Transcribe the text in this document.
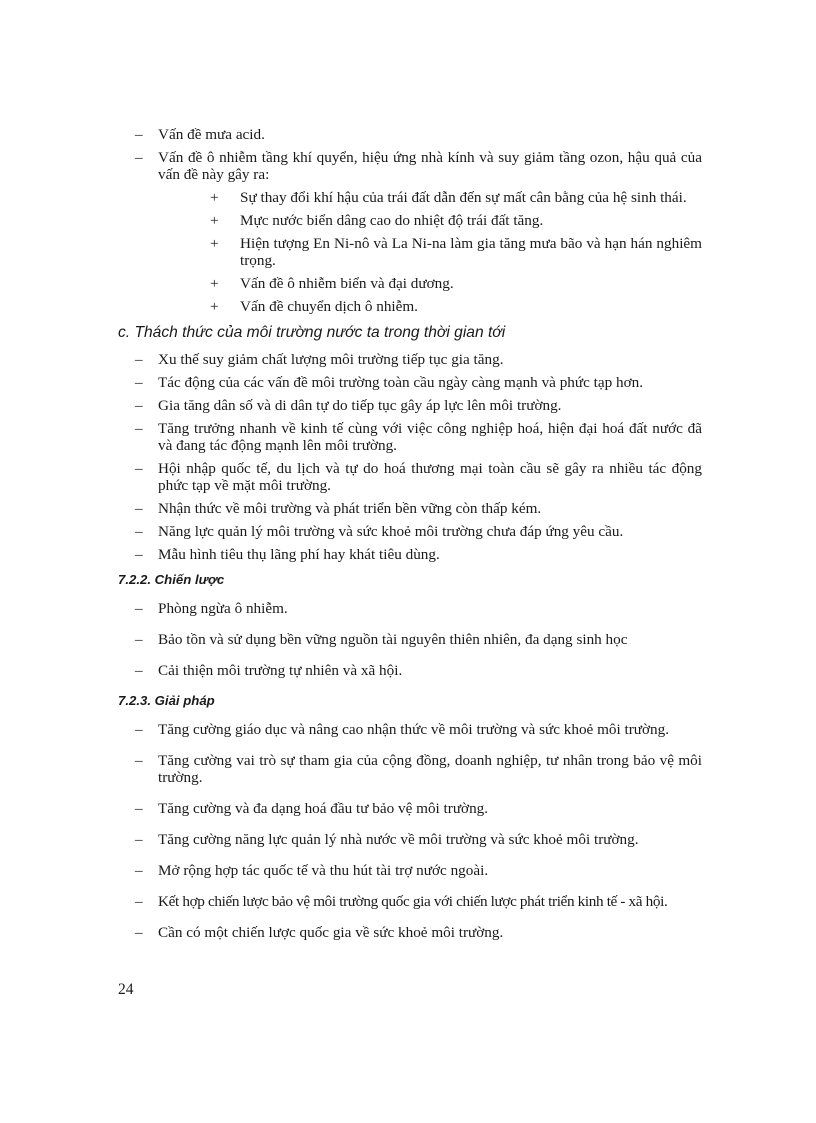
– Vấn đề mưa acid.
– Vấn đề ô nhiễm tầng khí quyển, hiệu ứng nhà kính và suy giảm tầng ozon, hậu quả của vấn đề này gây ra:
+ Sự thay đổi khí hậu của trái đất dẫn đến sự mất cân bằng của hệ sinh thái.
+ Mực nước biển dâng cao do nhiệt độ trái đất tăng.
+ Hiện tượng En Ni-nô và La Ni-na làm gia tăng mưa bão và hạn hán nghiêm trọng.
+ Vấn đề ô nhiễm biển và đại dương.
+ Vấn đề chuyển dịch ô nhiễm.
c. Thách thức của môi trường nước ta trong thời gian tới
– Xu thế suy giảm chất lượng môi trường tiếp tục gia tăng.
– Tác động của các vấn đề môi trường toàn cầu ngày càng mạnh và phức tạp hơn.
– Gia tăng dân số và di dân tự do tiếp tục gây áp lực lên môi trường.
– Tăng trưởng nhanh về kinh tế cùng với việc công nghiệp hoá, hiện đại hoá đất nước đã và đang tác động mạnh lên môi trường.
– Hội nhập quốc tế, du lịch và tự do hoá thương mại toàn cầu sẽ gây ra nhiều tác động phức tạp về mặt môi trường.
– Nhận thức về môi trường và phát triển bền vững còn thấp kém.
– Năng lực quản lý môi trường và sức khoẻ môi trường chưa đáp ứng yêu cầu.
– Mẫu hình tiêu thụ lãng phí hay khát tiêu dùng.
7.2.2. Chiến lược
– Phòng ngừa ô nhiễm.
– Bảo tồn và sử dụng bền vững nguồn tài nguyên thiên nhiên, đa dạng sinh học
– Cải thiện môi trường tự nhiên và xã hội.
7.2.3. Giải pháp
– Tăng cường giáo dục và nâng cao nhận thức về môi trường và sức khoẻ môi trường.
– Tăng cường vai trò sự tham gia của cộng đồng, doanh nghiệp, tư nhân trong bảo vệ môi trường.
– Tăng cường và đa dạng hoá đầu tư bảo vệ môi trường.
– Tăng cường năng lực quản lý nhà nước về môi trường và sức khoẻ môi trường.
– Mở rộng hợp tác quốc tế và thu hút tài trợ nước ngoài.
– Kết hợp chiến lược bảo vệ môi trường quốc gia với chiến lược phát triển kinh tế - xã hội.
– Cần có một chiến lược quốc gia về sức khoẻ môi trường.
24
